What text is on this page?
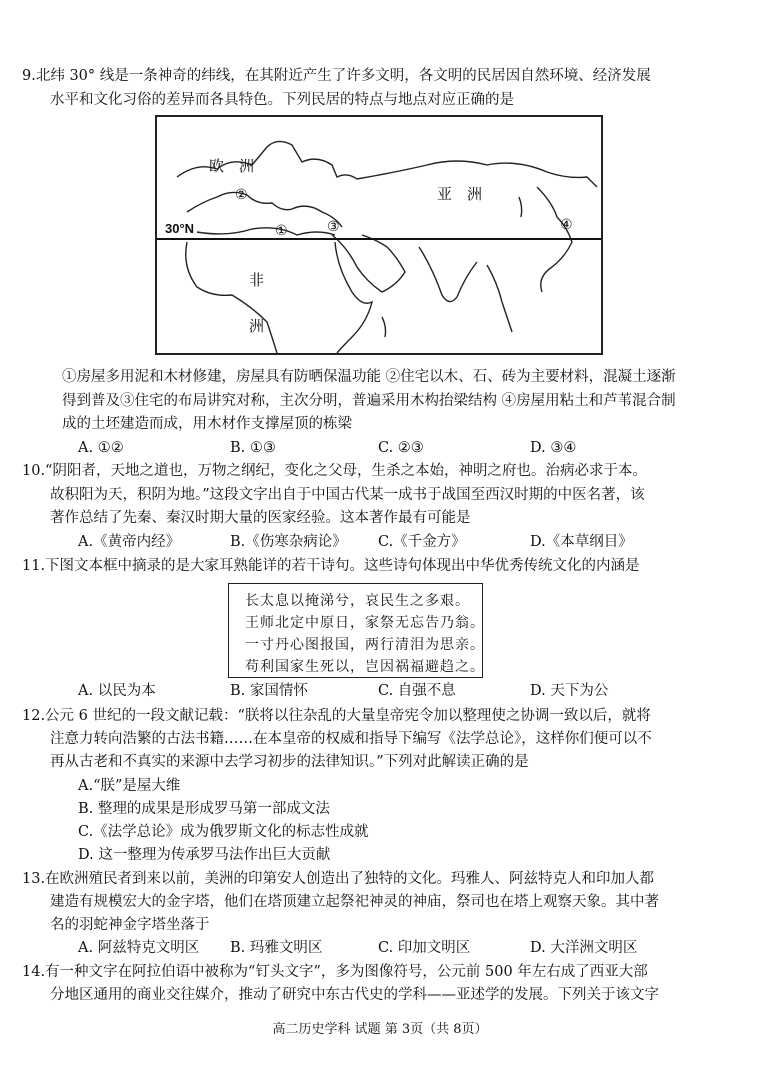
9.北纬 30° 线是一条神奇的纬线，在其附近产生了许多文明，各文明的民居因自然环境、经济发展
水平和文化习俗的差异而各具特色。下列民居的特点与地点对应正确的是
欧　洲
亚　洲
非
洲
30°N	①
②
③	④
①房屋多用泥和木材修建，房屋具有防晒保温功能 ②住宅以木、石、砖为主要材料，混凝土逐渐
得到普及③住宅的布局讲究对称，主次分明，普遍采用木构抬梁结构 ④房屋用粘土和芦苇混合制
成的土坯建造而成，用木材作支撑屋顶的栋梁
A. ①②	B. ①③	C. ②③	D. ③④
10.“阴阳者，天地之道也，万物之纲纪，变化之父母，生杀之本始，神明之府也。治病必求于本。
故积阳为天，积阴为地。”这段文字出自于中国古代某一成书于战国至西汉时期的中医名著，该
著作总结了先秦、秦汉时期大量的医家经验。这本著作最有可能是
A.《黄帝内经》	B.《伤寒杂病论》 C.《千金方》	D.《本草纲目》
11.下图文本框中摘录的是大家耳熟能详的若干诗句。这些诗句体现出中华优秀传统文化的内涵是
长太息以掩涕兮，哀民生之多艰。
王师北定中原日，家祭无忘告乃翁。
一寸丹心图报国，两行清泪为思亲。
苟利国家生死以，岂因祸福避趋之。
A. 以民为本	B. 家国情怀	C. 自强不息	D. 天下为公
12.公元 6 世纪的一段文献记载：“朕将以往杂乱的大量皇帝宪令加以整理使之协调一致以后，就将
注意力转向浩繁的古法书籍……在本皇帝的权威和指导下编写《法学总论》，这样你们便可以不
再从古老和不真实的来源中去学习初步的法律知识。”下列对此解读正确的是
A.“朕”是屋大维
B. 整理的成果是形成罗马第一部成文法
C.《法学总论》成为俄罗斯文化的标志性成就
D. 这一整理为传承罗马法作出巨大贡献
13.在欧洲殖民者到来以前，美洲的印第安人创造出了独特的文化。玛雅人、阿兹特克人和印加人都
建造有规模宏大的金字塔，他们在塔顶建立起祭祀神灵的神庙，祭司也在塔上观察天象。其中著
名的羽蛇神金字塔坐落于
A. 阿兹特克文明区 B. 玛雅文明区	C. 印加文明区	D. 大洋洲文明区
14.有一种文字在阿拉伯语中被称为“钉头文字”，多为图像符号，公元前 500 年左右成了西亚大部
分地区通用的商业交往媒介，推动了研究中东古代史的学科——亚述学的发展。下列关于该文字
高二历史学科 试题 第 3页（共 8页）
